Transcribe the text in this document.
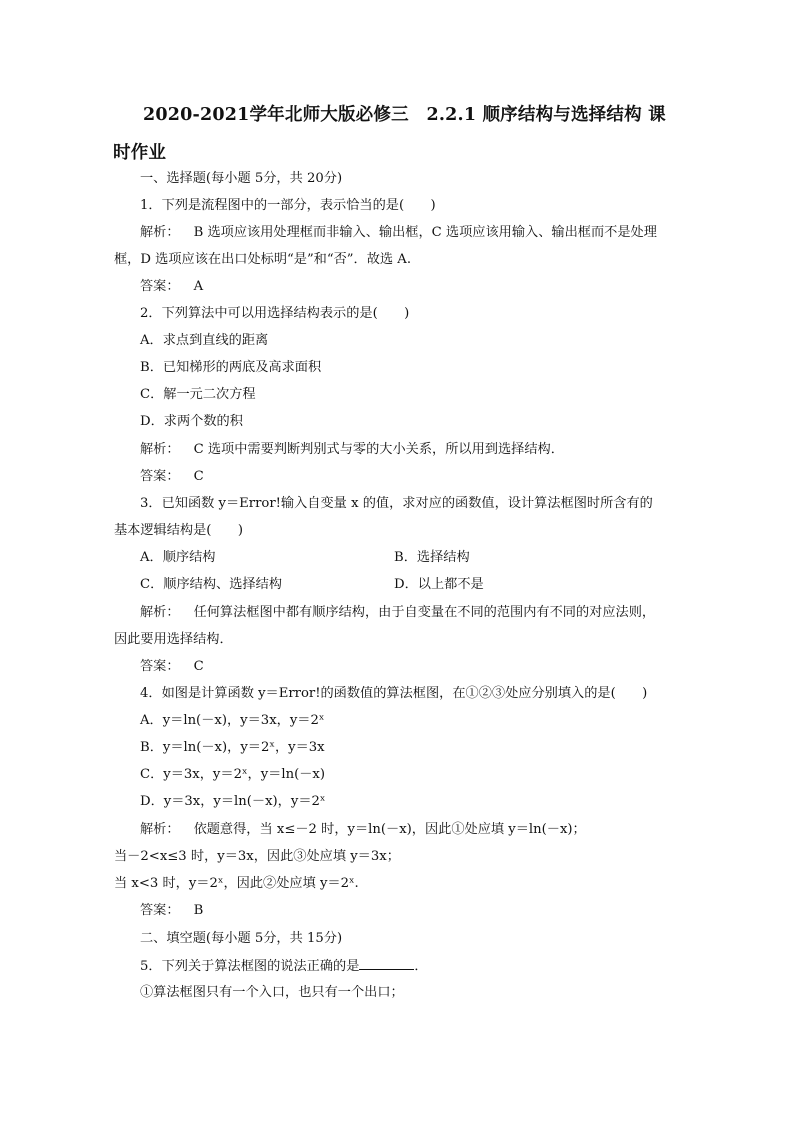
2020-2021学年北师大版必修三　2.2.1 顺序结构与选择结构 课时作业
一、选择题(每小题 5分，共 20分)
1．下列是流程图中的一部分，表示恰当的是(　　)
解析： B 选项应该用处理框而非输入、输出框，C 选项应该用输入、输出框而不是处理
框，D 选项应该在出口处标明“是”和“否”．故选 A.
答案： A
2．下列算法中可以用选择结构表示的是(　　)
A．求点到直线的距离
B．已知梯形的两底及高求面积
C．解一元二次方程
D．求两个数的积
解析： C 选项中需要判断判别式与零的大小关系，所以用到选择结构．
答案： C
3．已知函数 y＝Error!输入自变量 x 的值，求对应的函数值，设计算法框图时所含有的
基本逻辑结构是(　　)
A．顺序结构	B．选择结构
C．顺序结构、选择结构	D．以上都不是
解析： 任何算法框图中都有顺序结构，由于自变量在不同的范围内有不同的对应法则，
因此要用选择结构．
答案： C
4．如图是计算函数 y＝Error!的函数值的算法框图，在①②③处应分别填入的是(　　)
A．y＝ln(－x)，y＝3x，y＝2ˣ
B．y＝ln(－x)，y＝2ˣ，y＝3x
C．y＝3x，y＝2ˣ，y＝ln(－x)
D．y＝3x，y＝ln(－x)，y＝2ˣ
解析： 依题意得，当 x≤－2 时，y＝ln(－x)，因此①处应填 y＝ln(－x)；
当－2<x≤3 时，y＝3x，因此③处应填 y＝3x；
当 x<3 时，y＝2ˣ，因此②处应填 y＝2ˣ.
答案： B
二、填空题(每小题 5分，共 15分)
5．下列关于算法框图的说法正确的是	．
①算法框图只有一个入口，也只有一个出口；
